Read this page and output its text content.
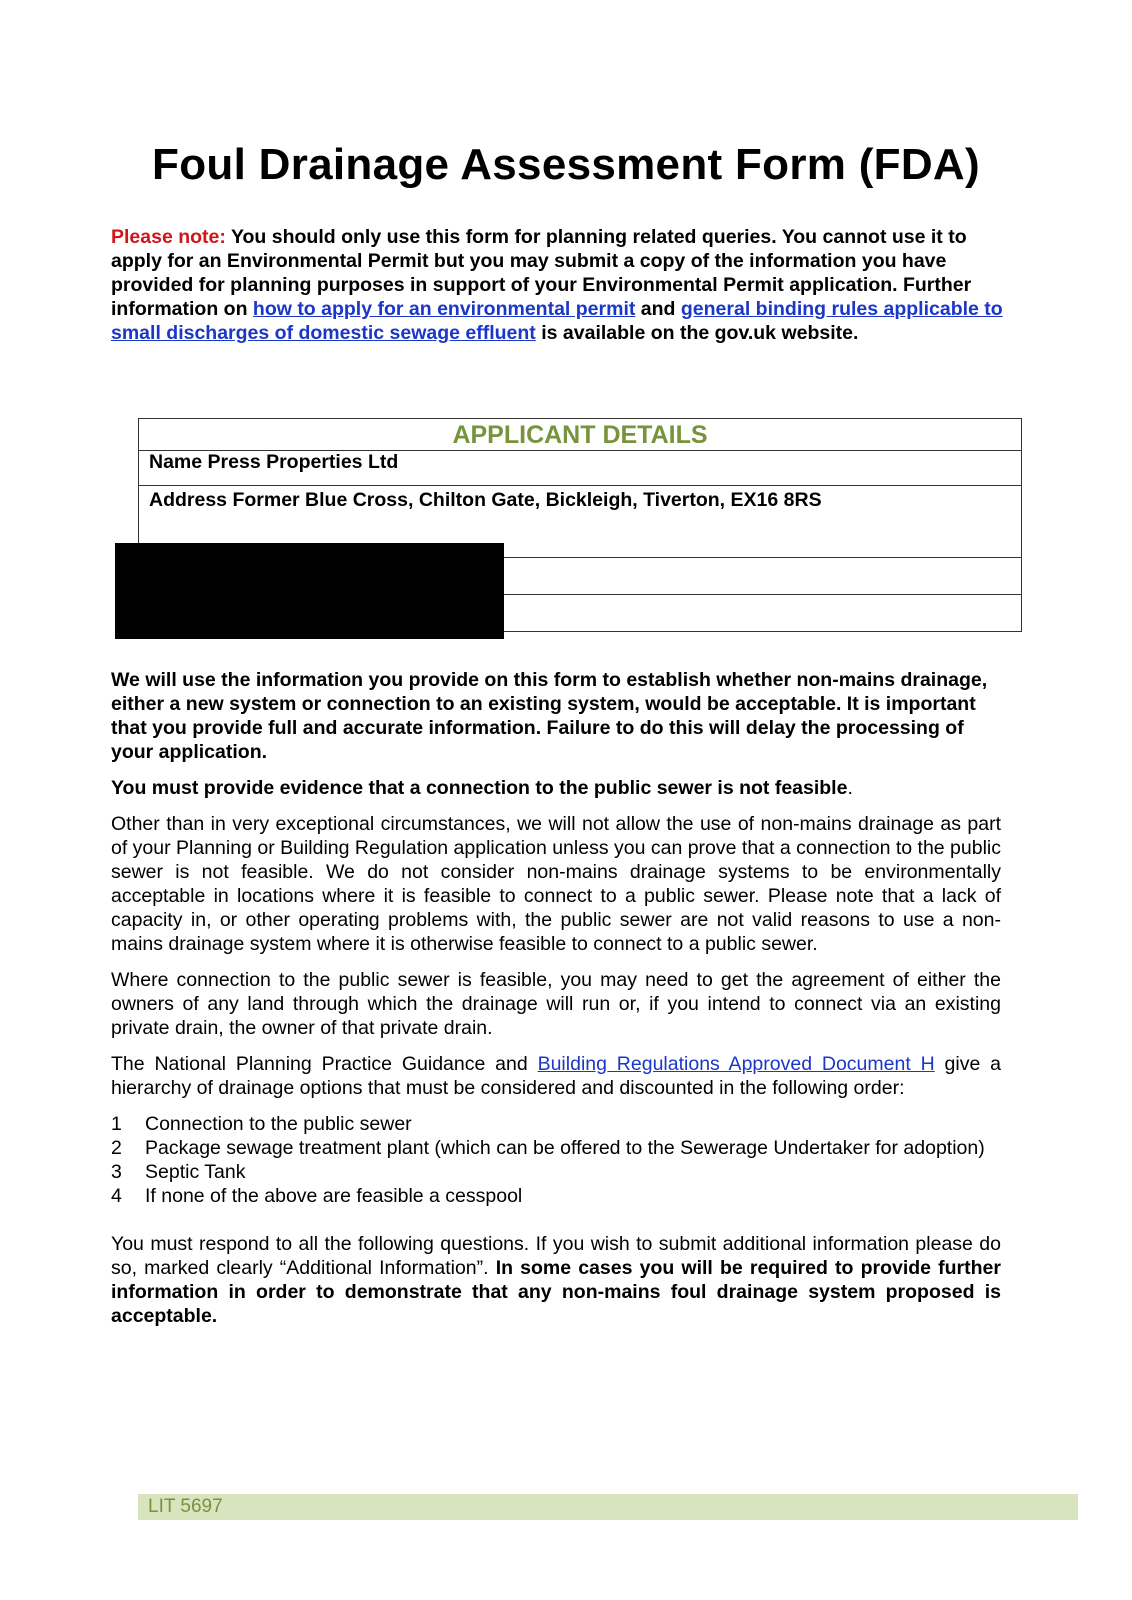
Foul Drainage Assessment Form (FDA)
Please note: You should only use this form for planning related queries. You cannot use it to apply for an Environmental Permit but you may submit a copy of the information you have provided for planning purposes in support of your Environmental Permit application. Further information on how to apply for an environmental permit and general binding rules applicable to small discharges of domestic sewage effluent is available on the gov.uk website.
APPLICANT DETAILS
Name Press Properties Ltd
Address Former Blue Cross, Chilton Gate, Bickleigh, Tiverton, EX16 8RS

We will use the information you provide on this form to establish whether non-mains drainage, either a new system or connection to an existing system, would be acceptable. It is important that you provide full and accurate information. Failure to do this will delay the processing of your application.

You must provide evidence that a connection to the public sewer is not feasible.

Other than in very exceptional circumstances, we will not allow the use of non-mains drainage as part of your Planning or Building Regulation application unless you can prove that a connection to the public sewer is not feasible. We do not consider non-mains drainage systems to be environmentally acceptable in locations where it is feasible to connect to a public sewer. Please note that a lack of capacity in, or other operating problems with, the public sewer are not valid reasons to use a non-mains drainage system where it is otherwise feasible to connect to a public sewer.

Where connection to the public sewer is feasible, you may need to get the agreement of either the owners of any land through which the drainage will run or, if you intend to connect via an existing private drain, the owner of that private drain.

The National Planning Practice Guidance and Building Regulations Approved Document H give a hierarchy of drainage options that must be considered and discounted in the following order:

1 Connection to the public sewer
2 Package sewage treatment plant (which can be offered to the Sewerage Undertaker for adoption)
3 Septic Tank
4 If none of the above are feasible a cesspool

You must respond to all the following questions. If you wish to submit additional information please do so, marked clearly “Additional Information”. In some cases you will be required to provide further information in order to demonstrate that any non-mains foul drainage system proposed is acceptable.

LIT 5697
